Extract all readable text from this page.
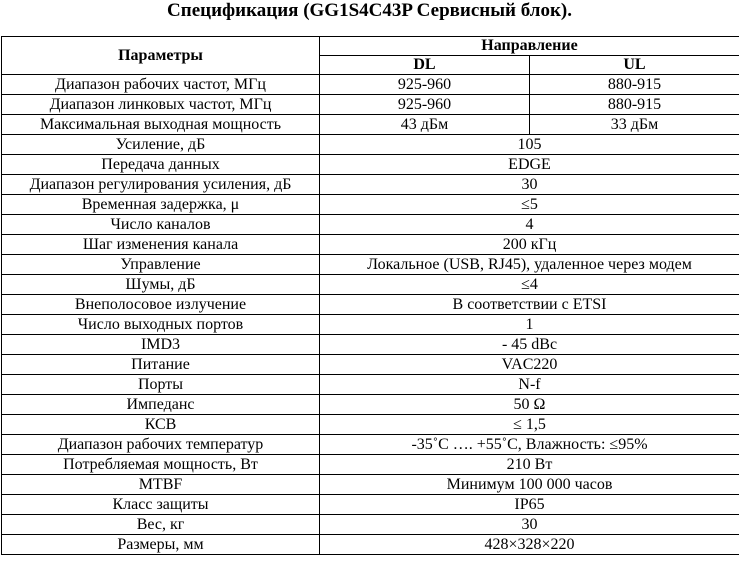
Спецификация (GG1S4C43P Сервисный блок).
Параметры	Направление	
	DL	UL
Диапазон рабочих частот, МГц	925-960	880-915
Диапазон линковых частот, МГц	925-960	880-915
Максимальная выходная мощность	43 дБм	33 дБм
Усиление, дБ	105	
Передача данных	EDGE	
Диапазон регулирования усиления, дБ	30	
Временная задержка, μ	≤5	
Число каналов	4	
Шаг изменения канала	200 кГц	
Управление	Локальное (USB, RJ45), удаленное через модем	
Шумы, дБ	≤4	
Внеполосовое излучение	В соответствии с ETSI	
Число выходных портов	1	
IMD3	- 45 dBc	
Питание	VAC220	
Порты	N-f	
Импеданс	50 Ω	
КСВ	≤ 1,5	
Диапазон рабочих температур	-35˚C …. +55˚C, Влажность: ≤95%	
Потребляемая мощность, Вт	210 Вт	
MTBF	Минимум 100 000 часов	
Класс защиты	IP65	
Вес, кг	30	
Размеры, мм	428×328×220	
